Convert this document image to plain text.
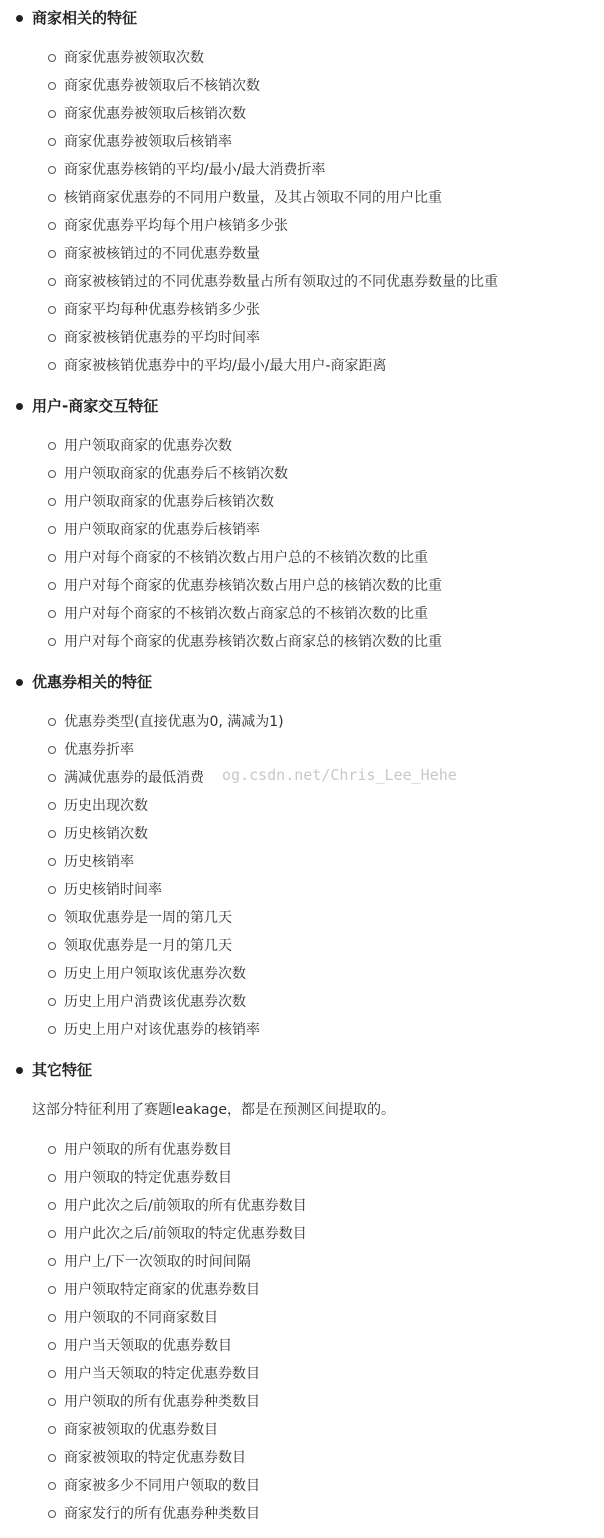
商家相关的特征
商家优惠券被领取次数
商家优惠券被领取后不核销次数
商家优惠券被领取后核销次数
商家优惠券被领取后核销率
商家优惠券核销的平均/最小/最大消费折率
核销商家优惠券的不同用户数量，及其占领取不同的用户比重
商家优惠券平均每个用户核销多少张
商家被核销过的不同优惠券数量
商家被核销过的不同优惠券数量占所有领取过的不同优惠券数量的比重
商家平均每种优惠券核销多少张
商家被核销优惠券的平均时间率
商家被核销优惠券中的平均/最小/最大用户-商家距离
用户-商家交互特征
用户领取商家的优惠券次数
用户领取商家的优惠券后不核销次数
用户领取商家的优惠券后核销次数
用户领取商家的优惠券后核销率
用户对每个商家的不核销次数占用户总的不核销次数的比重
用户对每个商家的优惠券核销次数占用户总的核销次数的比重
用户对每个商家的不核销次数占商家总的不核销次数的比重
用户对每个商家的优惠券核销次数占商家总的核销次数的比重
优惠券相关的特征
优惠券类型(直接优惠为0, 满减为1)
优惠券折率
满减优惠券的最低消费
历史出现次数
历史核销次数
历史核销率
历史核销时间率
领取优惠券是一周的第几天
领取优惠券是一月的第几天
历史上用户领取该优惠券次数
历史上用户消费该优惠券次数
历史上用户对该优惠券的核销率
其它特征
这部分特征利用了赛题leakage，都是在预测区间提取的。
用户领取的所有优惠券数目
用户领取的特定优惠券数目
用户此次之后/前领取的所有优惠券数目
用户此次之后/前领取的特定优惠券数目
用户上/下一次领取的时间间隔
用户领取特定商家的优惠券数目
用户领取的不同商家数目
用户当天领取的优惠券数目
用户当天领取的特定优惠券数目
用户领取的所有优惠券种类数目
商家被领取的优惠券数目
商家被领取的特定优惠券数目
商家被多少不同用户领取的数目
商家发行的所有优惠券种类数目
og.csdn.net/Chris_Lee_Hehe
